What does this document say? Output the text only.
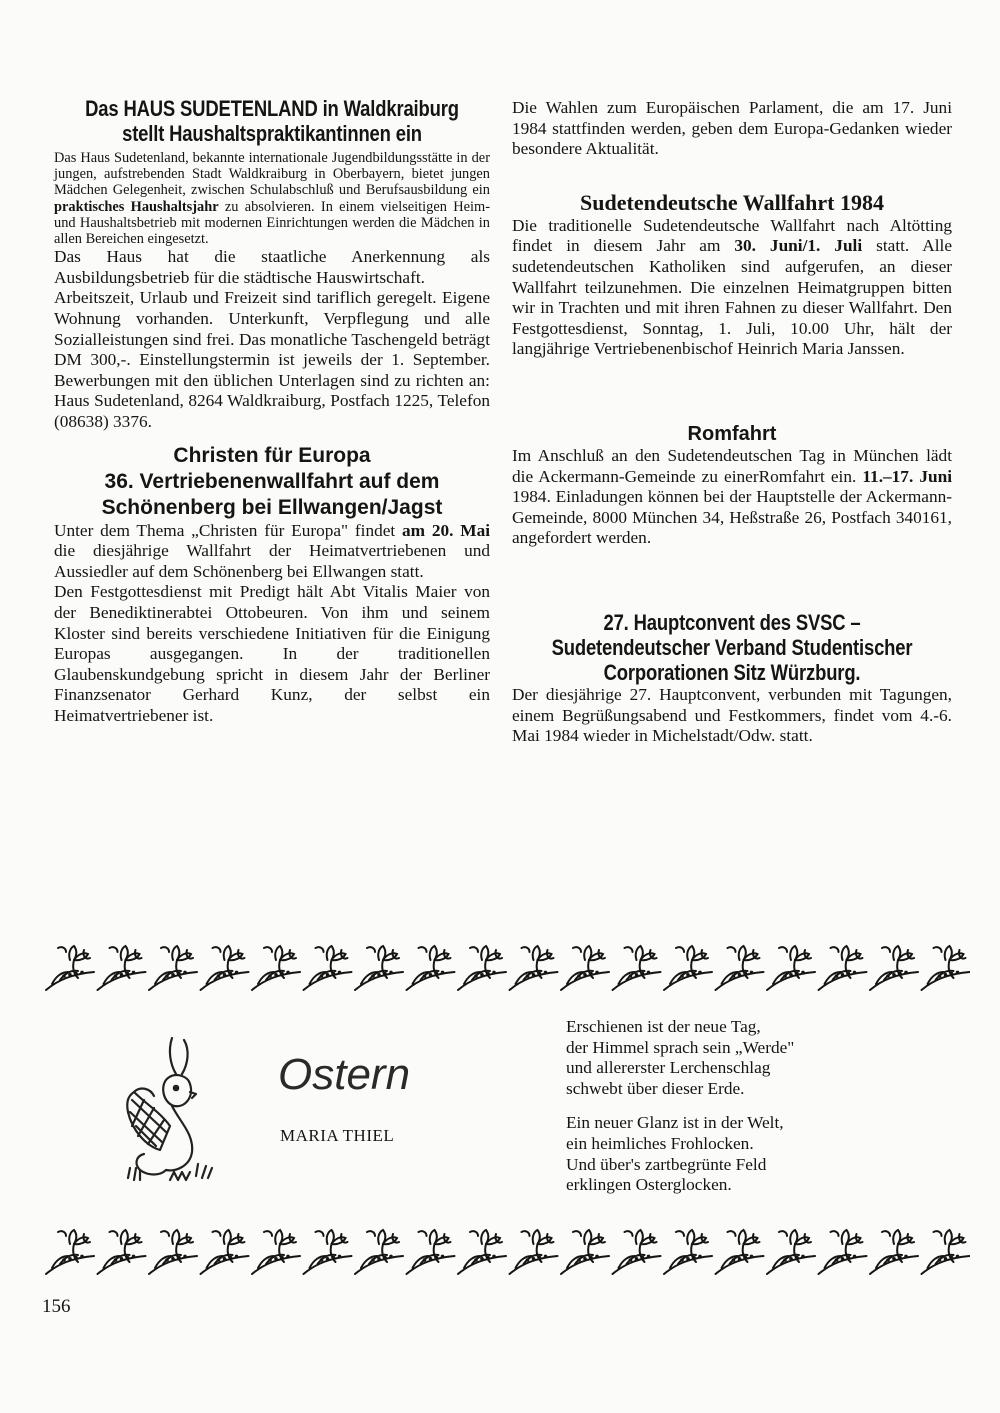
Das HAUS SUDETENLAND in Waldkraiburg
stellt Haushaltspraktikantinnen ein

Das Haus Sudetenland, bekannte internationale Jugendbildungsstätte in der jungen, aufstrebenden Stadt Waldkraiburg in Oberbayern, bietet jungen Mädchen Gelegenheit, zwischen Schulabschluß und Berufsausbildung ein praktisches Haushaltsjahr zu absolvieren. In einem vielseitigen Heim- und Haushaltsbetrieb mit modernen Einrichtungen werden die Mädchen in allen Bereichen eingesetzt.

Das Haus hat die staatliche Anerkennung als Ausbildungsbetrieb für die städtische Hauswirtschaft.

Arbeitszeit, Urlaub und Freizeit sind tariflich geregelt. Eigene Wohnung vorhanden. Unterkunft, Verpflegung und alle Sozialleistungen sind frei. Das monatliche Taschengeld beträgt DM 300,-. Einstellungstermin ist jeweils der 1. September. Bewerbungen mit den üblichen Unterlagen sind zu richten an: Haus Sudetenland, 8264 Waldkraiburg, Postfach 1225, Telefon (08638) 3376.

Christen für Europa
36. Vertriebenenwallfahrt auf dem
Schönenberg bei Ellwangen/Jagst

Unter dem Thema „Christen für Europa" findet am 20. Mai die diesjährige Wallfahrt der Heimatvertriebenen und Aussiedler auf dem Schönenberg bei Ellwangen statt.

Den Festgottesdienst mit Predigt hält Abt Vitalis Maier von der Benediktinerabtei Ottobeuren. Von ihm und seinem Kloster sind bereits verschiedene Initiativen für die Einigung Europas ausgegangen. In der traditionellen Glaubenskundgebung spricht in diesem Jahr der Berliner Finanzsenator Gerhard Kunz, der selbst ein Heimatvertriebener ist.

Die Wahlen zum Europäischen Parlament, die am 17. Juni 1984 stattfinden werden, geben dem Europa-Gedanken wieder besondere Aktualität.

Sudetendeutsche Wallfahrt 1984

Die traditionelle Sudetendeutsche Wallfahrt nach Altötting findet in diesem Jahr am 30. Juni/1. Juli statt. Alle sudetendeutschen Katholiken sind aufgerufen, an dieser Wallfahrt teilzunehmen. Die einzelnen Heimatgruppen bitten wir in Trachten und mit ihren Fahnen zu dieser Wallfahrt. Den Festgottesdienst, Sonntag, 1. Juli, 10.00 Uhr, hält der langjährige Vertriebenenbischof Heinrich Maria Janssen.

Romfahrt

Im Anschluß an den Sudetendeutschen Tag in München lädt die Ackermann-Gemeinde zu einerRomfahrt ein. 11.–17. Juni 1984. Einladungen können bei der Hauptstelle der Ackermann-Gemeinde, 8000 München 34, Heßstraße 26, Postfach 340161, angefordert werden.

27. Hauptconvent des SVSC –
Sudetendeutscher Verband Studentischer
Corporationen Sitz Würzburg.

Der diesjährige 27. Hauptconvent, verbunden mit Tagungen, einem Begrüßungsabend und Festkommers, findet vom 4.-6. Mai 1984 wieder in Michelstadt/Odw. statt.

Ostern
MARIA THIEL
Erschienen ist der neue Tag,
der Himmel sprach sein „Werde"
und allererster Lerchenschlag
schwebt über dieser Erde.
Ein neuer Glanz ist in der Welt,
ein heimliches Frohlocken.
Und über's zartbegrünte Feld
erklingen Osterglocken.
156
